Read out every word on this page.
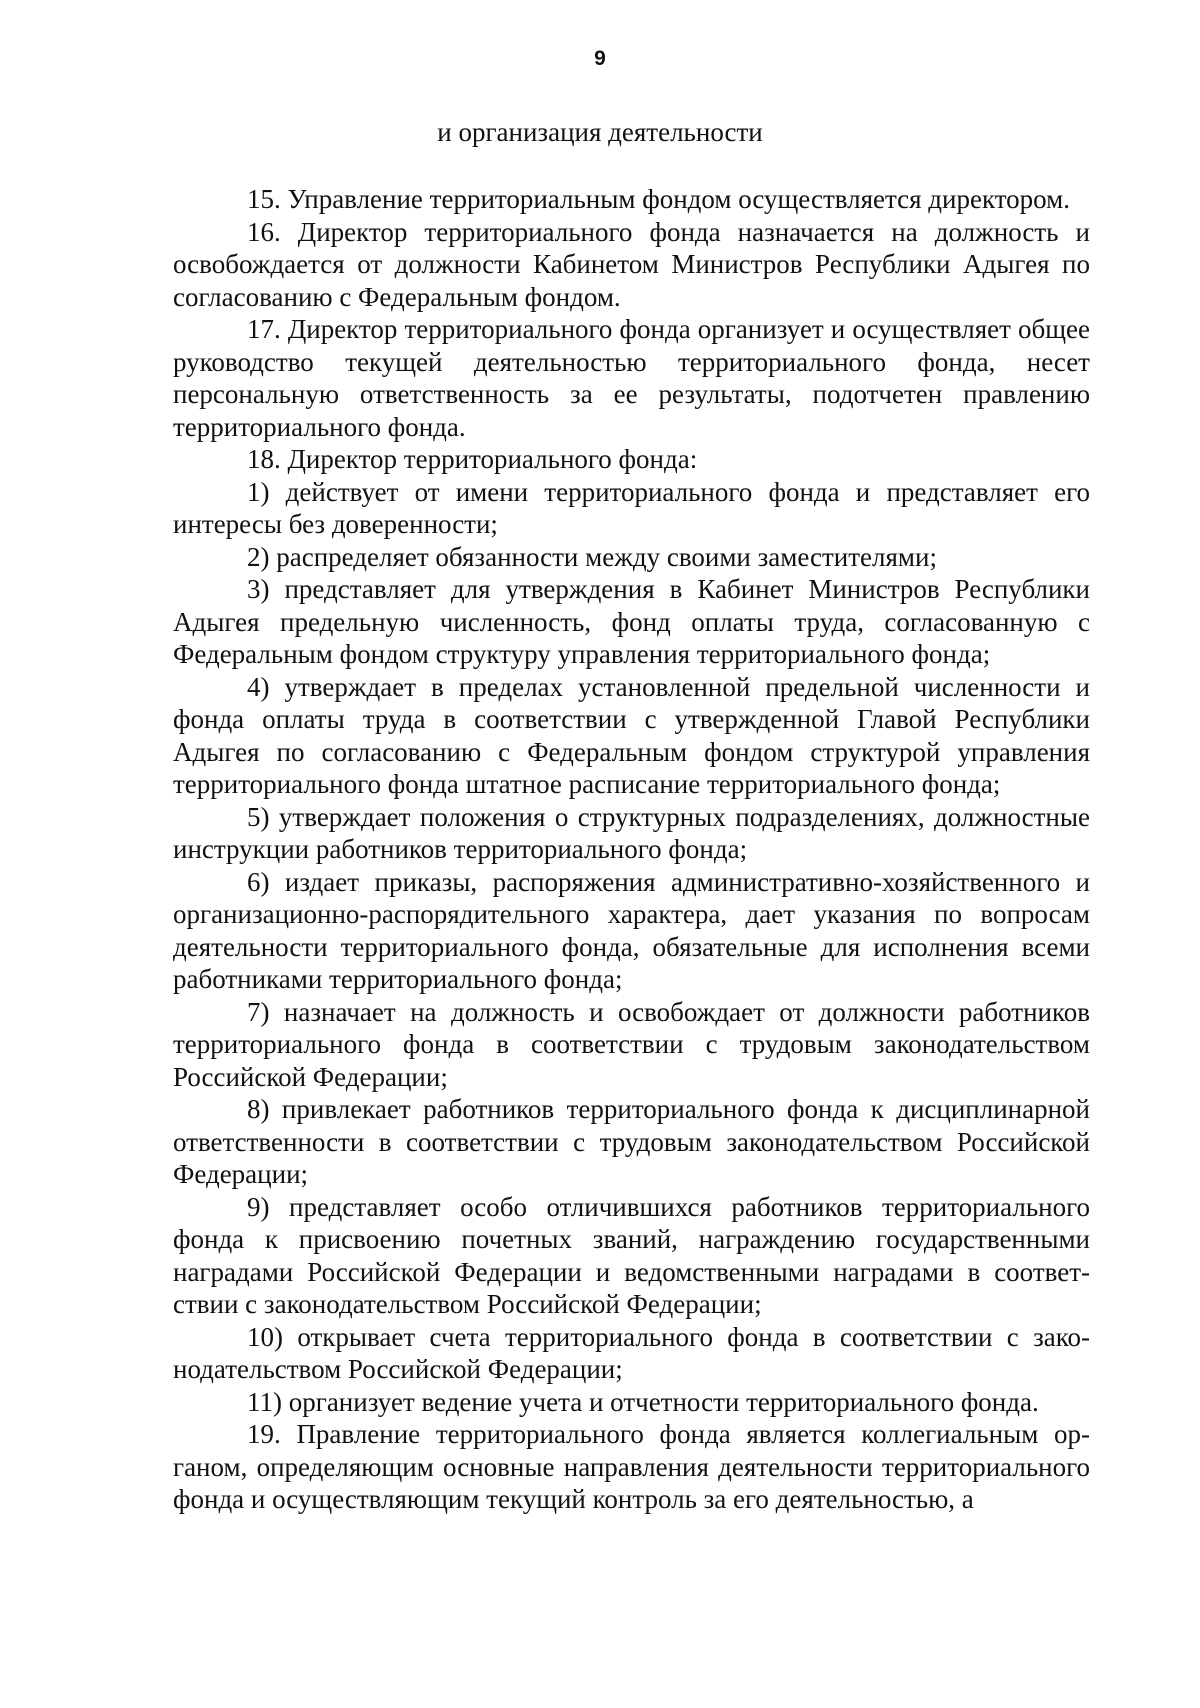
9
и организация деятельности

15. Управление территориальным фондом осуществляется директором.

16. Директор территориального фонда назначается на должность и освобождается от должности Кабинетом Министров Республики Адыгея по согласованию с Федеральным фондом.

17. Директор территориального фонда организует и осуществляет общее руководство текущей деятельностью территориального фонда, несет персональную ответственность за ее результаты, подотчетен правлению территориального фонда.

18. Директор территориального фонда:

1) действует от имени территориального фонда и представляет его интересы без доверенности;

2) распределяет обязанности между своими заместителями;

3) представляет для утверждения в Кабинет Министров Республики Адыгея предельную численность, фонд оплаты труда, согласованную с Федеральным фондом структуру управления территориального фонда;

4) утверждает в пределах установленной предельной численности и фонда оплаты труда в соответствии с утвержденной Главой Республики Адыгея по согласованию с Федеральным фондом структурой управления территориального фонда штатное расписание территориального фонда;

5) утверждает положения о структурных подразделениях, должностные инструкции работников территориального фонда;

6) издает приказы, распоряжения административно-хозяйственного и организационно-распорядительного характера, дает указания по вопросам деятельности территориального фонда, обязательные для исполнения всеми работниками территориального фонда;

7) назначает на должность и освобождает от должности работников территориального фонда в соответствии с трудовым законодательством Российской Федерации;

8) привлекает работников территориального фонда к дисциплинарной ответственности в соответствии с трудовым законодательством Российской Федерации;

9) представляет особо отличившихся работников территориального фонда к присвоению почетных званий, награждению государственными наградами Российской Федерации и ведомственными наградами в соответствии с законодательством Российской Федерации;

10) открывает счета территориального фонда в соответствии с законодательством Российской Федерации;

11) организует ведение учета и отчетности территориального фонда.

19. Правление территориального фонда является коллегиальным органом, определяющим основные направления деятельности территориального фонда и осуществляющим текущий контроль за его деятельностью, а
